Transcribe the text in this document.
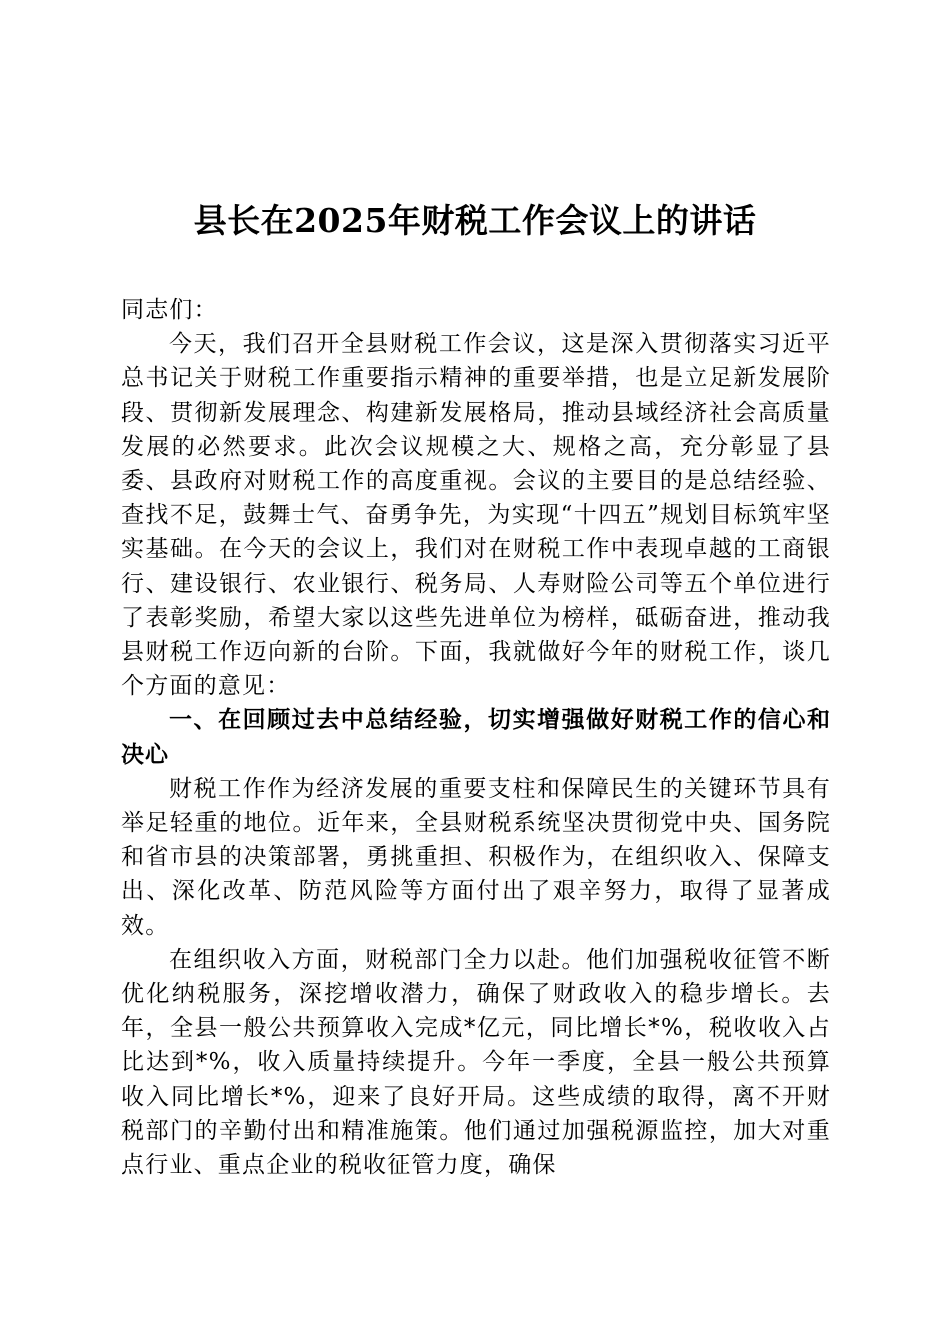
县长在2025年财税工作会议上的讲话

同志们：

今天，我们召开全县财税工作会议，这是深入贯彻落实习近平总书记关于财税工作重要指示精神的重要举措，也是立足新发展阶段、贯彻新发展理念、构建新发展格局，推动县域经济社会高质量发展的必然要求。此次会议规模之大、规格之高，充分彰显了县委、县政府对财税工作的高度重视。会议的主要目的是总结经验、查找不足，鼓舞士气、奋勇争先，为实现“十四五”规划目标筑牢坚实基础。在今天的会议上，我们对在财税工作中表现卓越的工商银行、建设银行、农业银行、税务局、人寿财险公司等五个单位进行了表彰奖励，希望大家以这些先进单位为榜样，砥砺奋进，推动我县财税工作迈向新的台阶。下面，我就做好今年的财税工作，谈几个方面的意见：

一、在回顾过去中总结经验，切实增强做好财税工作的信心和决心

财税工作作为经济发展的重要支柱和保障民生的关键环节具有举足轻重的地位。近年来，全县财税系统坚决贯彻党中央、国务院和省市县的决策部署，勇挑重担、积极作为，在组织收入、保障支出、深化改革、防范风险等方面付出了艰辛努力，取得了显著成效。

在组织收入方面，财税部门全力以赴。他们加强税收征管不断优化纳税服务，深挖增收潜力，确保了财政收入的稳步增长。去年，全县一般公共预算收入完成*亿元，同比增长*%，税收收入占比达到*%，收入质量持续提升。今年一季度，全县一般公共预算收入同比增长*%，迎来了良好开局。这些成绩的取得，离不开财税部门的辛勤付出和精准施策。他们通过加强税源监控，加大对重点行业、重点企业的税收征管力度，确保
